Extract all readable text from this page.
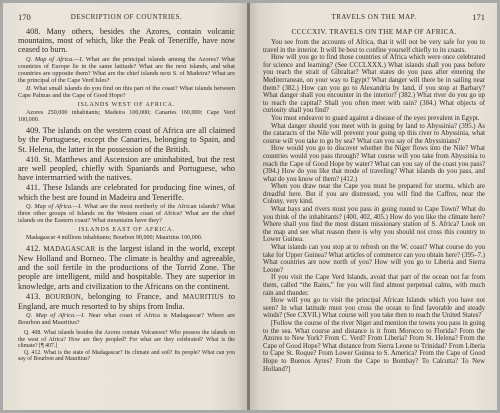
170	DESCRIPTION OF COUNTRIES.

408. Many others, besides the Azores, contain volcanic mountains, most of which, like the Peak of Teneriffe, have now ceased to burn.

Q. Map of Africa.—I. What are the principal islands among the Azores? What countries of Europe lie in the same latitude? What are the next islands, and what countries are opposite them? What are the chief islands next S. of Madeira? What are the principal of the Cape Verd Isles?

II. What small islands do you find on this part of the coast? What islands between Cape Palmas and the Cape of Good Hope?

ISLANDS WEST OF AFRICA.

Azores 250,000 inhabitants; Madeira 100,000; Canaries 160,000; Cape Verd 100,000.

409. The islands on the western coast of Africa are all claimed by the Portuguese, except the Canaries, belonging to Spain, and St. Helena, the latter in the possession of the British.

410. St. Matthews and Ascension are uninhabited, but the rest are well peopled, chiefly with Spaniards and Portuguese, who have intermarried with the natives.

411. These Islands are celebrated for producing fine wines, of which the best are found in Madeira and Teneriffe.

Q. Map of Africa.—I. What are the most northerly of the African islands? What three other groups of Islands on the Western coast of Africa? What are the chief islands on the Eastern coast? What mountains have they?

ISLANDS EAST OF AFRICA.

Madagascar 4 millions inhabitants; Bourbon 90,000; Mauritius 100,000.

412. MADAGASCAR is the largest island in the world, except New Holland and Borneo. The climate is healthy and agreeable, and the soil fertile in the productions of the Torrid Zone. The people are intelligent, mild and hospitable. They are superior in knowledge, arts and civilization to the Africans on the continent.

413. BOURBON, belonging to France, and MAURITIUS to England, are much resorted to by ships from India.

Q. Map of Africa.—I. Near what coast of Africa is Madagascar? Where are Bourbon and Mauritius?

Q. 408. What islands besides the Azores contain Volcanoes? Who possess the islands on the west of Africa? How are they peopled? For what are they celebrated? What is the climate? [¶ 407.]

Q. 412. What is the state of Madagascar? Its climate and soil? Its people? What can you say of Bourbon and Mauritius?

TRAVELS ON THE MAP.	171
CCCCXIV. TRAVELS ON THE MAP OF AFRICA.

You see from the accounts of Africa, that it will not be very safe for you to travel in the interior. It will be best to confine yourself chiefly to its coasts.

How will you go to find those countries of Africa which were once celebrated for science and learning? (See CCCLXXX.) What islands shall you pass before you reach the strait of Gibraltar? What states do you pass after entering the Mediterranean, on your way to Egypt? What danger will there be in sailing near them? (382.) How can you go to Alexandria by land, if you stop at Barbary? What danger shall you encounter in the interior? (382.) What river do you go up to reach the capital? Shall you often meet with rain? (384.) What objects of curiosity shall you find?

You must endeavor to guard against a disease of the eyes prevalent in Egypt.

What danger should you meet with in going by land to Abyssinia? (395.) As the cataracts of the Nile will prevent your going up this river to Abyssinia, what course will you take to go by sea? What can you say of the Abyssinians?

How would you go to discover whether the Niger flows into the Nile? What countries would you pass through? What course will you take from Abyssinia to reach the Cape of Good Hope by water? What can you say of the coast you pass? (394.) How do you like that mode of traveling? What islands do you pass, and what do you know of them? (412.)

When you draw near the Cape you must be prepared for storms, which are dreadful here. But if you are distressed, you will find the Caffres, near the Colony, very kind.

What bays and rivers must you pass in going round to Cape Town? What do you think of the inhabitants? (400, 402, 405.) How do you like the climate here? Where shall you find the most distant missionary station of S. Africa? Look on the map and see what reason there is why you should not cross this country to Lower Guinea.

What islands can you stop at to refresh on the W. coast? What course do you take for Upper Guinea? What articles of commerce can you obtain here? (395–7.) What countries are now north of you? How will you go to Liberia and Sierra Leone?

If you visit the Cape Verd Islands, avoid that part of the ocean not far from them, called “the Rains,” for you will find almost perpetual calms, with much rain and thunder.

How will you go to visit the principal African Islands which you have not seen? In what latitude must you cross the ocean to find favorable and steady winds? (See CXVII.) What course will you take then to reach the United States?

[Follow the course of the river Niger and mention the towns you pass in going to the sea. What course and distance is it from Morocco to Florida? From the Azores to New York? From C. Verd? From Liberia? From St. Helena? From the Cape of Good Hope? What distance from Sierra Leone to Trinidad? From Liberia to Cape St. Roque? From Lower Guinea to S. America? From the Cape of Good Hope to Buenos Ayres? From the Cape to Bombay? To Calcutta? To New Holland?]
